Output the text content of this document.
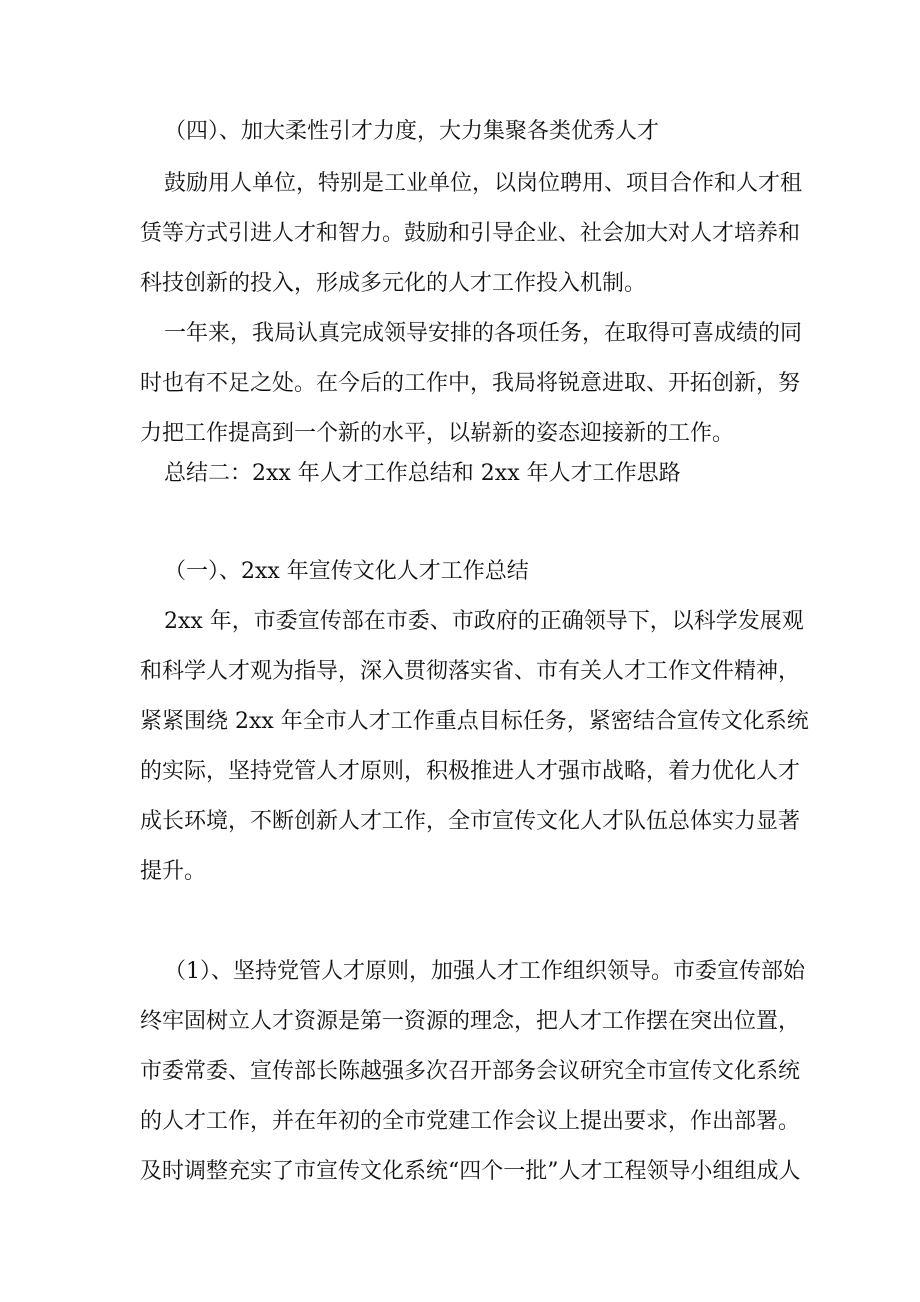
（四）、加大柔性引才力度，大力集聚各类优秀人才

鼓励用人单位，特别是工业单位，以岗位聘用、项目合作和人才租

赁等方式引进人才和智力。鼓励和引导企业、社会加大对人才培养和

科技创新的投入，形成多元化的人才工作投入机制。

一年来，我局认真完成领导安排的各项任务，在取得可喜成绩的同

时也有不足之处。在今后的工作中，我局将锐意进取、开拓创新，努

力把工作提高到一个新的水平，以崭新的姿态迎接新的工作。

总结二：2xx 年人才工作总结和 2xx 年人才工作思路

（一）、2xx 年宣传文化人才工作总结

2xx 年，市委宣传部在市委、市政府的正确领导下，以科学发展观

和科学人才观为指导，深入贯彻落实省、市有关人才工作文件精神，

紧紧围绕 2xx 年全市人才工作重点目标任务，紧密结合宣传文化系统

的实际，坚持党管人才原则，积极推进人才强市战略，着力优化人才

成长环境，不断创新人才工作，全市宣传文化人才队伍总体实力显著

提升。

（1）、坚持党管人才原则，加强人才工作组织领导。市委宣传部始

终牢固树立人才资源是第一资源的理念，把人才工作摆在突出位置，

市委常委、宣传部长陈越强多次召开部务会议研究全市宣传文化系统

的人才工作，并在年初的全市党建工作会议上提出要求，作出部署。

及时调整充实了市宣传文化系统“四个一批”人才工程领导小组组成人
